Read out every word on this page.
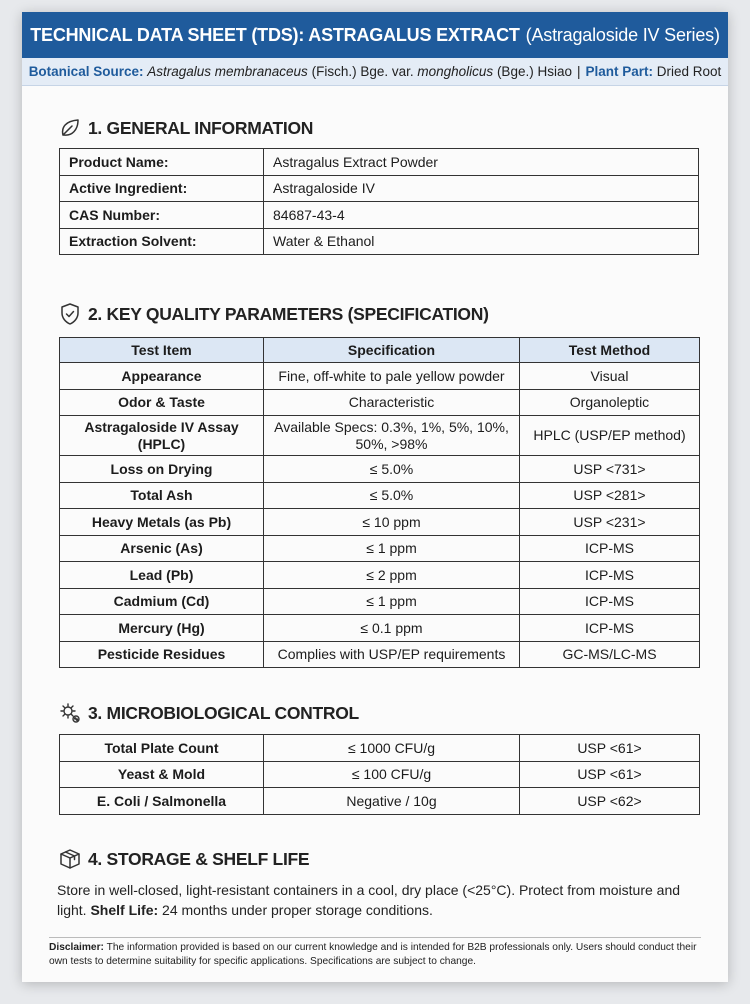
TECHNICAL DATA SHEET (TDS): ASTRAGALUS EXTRACT (Astragaloside IV Series)
Botanical Source:
Astragalus membranaceus
(Fisch.) Bge. var.
mongholicus
(Bge.) Hsiao | Plant Part:
Dried Root
1. GENERAL INFORMATION
Product Name:	Astragalus Extract Powder
Active Ingredient:	Astragaloside IV
CAS Number:	84687-43-4
Extraction Solvent:	Water & Ethanol
2. KEY QUALITY PARAMETERS (SPECIFICATION)
Test Item	Specification	Test Method
Appearance	Fine, off-white to pale yellow powder	Visual
Odor & Taste	Characteristic	Organoleptic
Astragaloside IV Assay
(HPLC)	Available Specs: 0.3%, 1%, 5%, 10%,
50%, >98%	HPLC (USP/EP method)
Loss on Drying	≤ 5.0%	USP <731>
Total Ash	≤ 5.0%	USP <281>
Heavy Metals (as Pb)	≤ 10 ppm	USP <231>
Arsenic (As)	≤ 1 ppm	ICP-MS
Lead (Pb)	≤ 2 ppm	ICP-MS
Cadmium (Cd)	≤ 1 ppm	ICP-MS
Mercury (Hg)	≤ 0.1 ppm	ICP-MS
Pesticide Residues	Complies with USP/EP requirements	GC-MS/LC-MS
3. MICROBIOLOGICAL CONTROL
Total Plate Count	≤ 1000 CFU/g	USP <61>
Yeast & Mold	≤ 100 CFU/g	USP <61>
E. Coli / Salmonella	Negative / 10g	USP <62>
4. STORAGE & SHELF LIFE
Store in well-closed, light-resistant containers in a cool, dry place (<25°C). Protect from moisture and light. Shelf Life: 24 months under proper storage conditions.
Disclaimer: The information provided is based on our current knowledge and is intended for B2B professionals only. Users should conduct their own tests to determine suitability for specific applications. Specifications are subject to change.
